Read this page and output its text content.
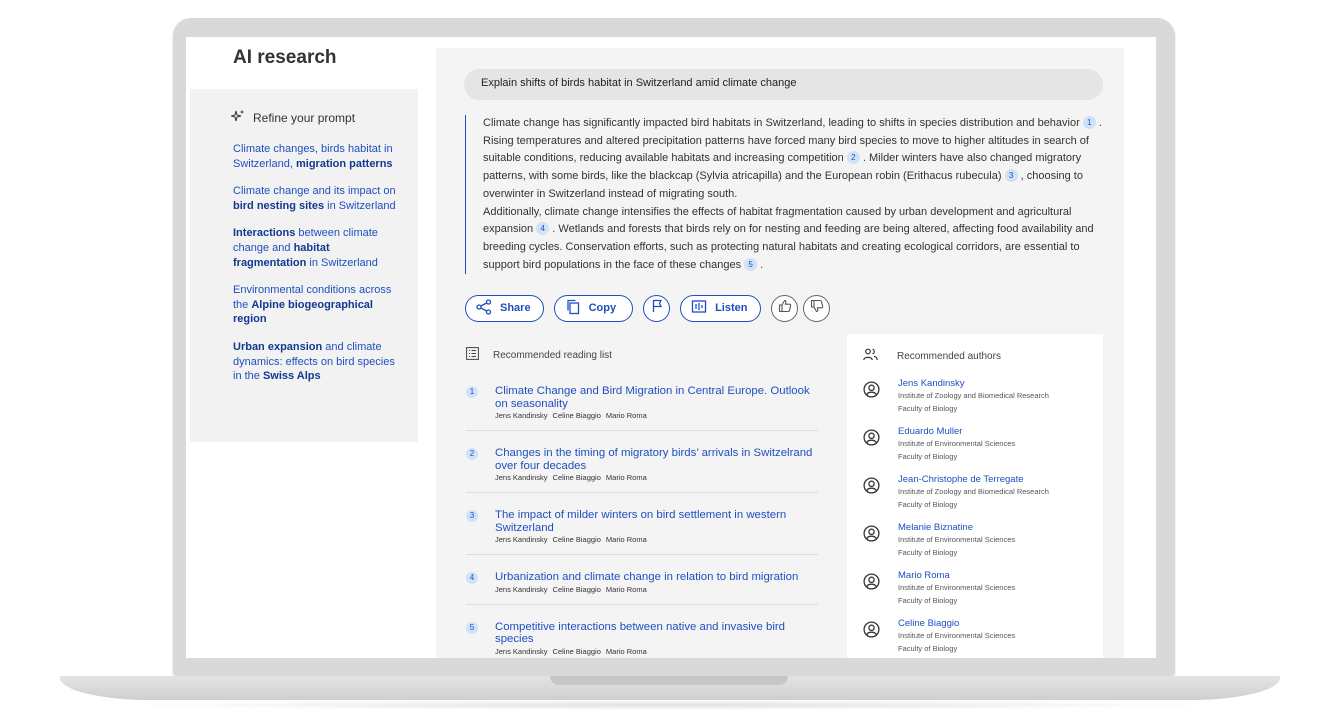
AI research
Refine your prompt
Climate changes, birds habitat in Switzerland, migration patterns
Climate change and its impact on bird nesting sites in Switzerland
Interactions between climate change and habitat fragmentation in Switzerland
Environmental conditions across the Alpine biogeographical region
Urban expansion and climate dynamics: effects on bird species in the Swiss Alps
Explain shifts of birds habitat in Switzerland amid climate change
Climate change has significantly impacted bird habitats in Switzerland, leading to shifts in species distribution and behavior 1 . Rising temperatures and altered precipitation patterns have forced many bird species to move to higher altitudes in search of suitable conditions, reducing available habitats and increasing competition 2 . Milder winters have also changed migratory patterns, with some birds, like the blackcap (Sylvia atricapilla) and the European robin (Erithacus rubecula) 3 , choosing to overwinter in Switzerland instead of migrating south.
Additionally, climate change intensifies the effects of habitat fragmentation caused by urban development and agricultural expansion 4 . Wetlands and forests that birds rely on for nesting and feeding are being altered, affecting food availability and breeding cycles. Conservation efforts, such as protecting natural habitats and creating ecological corridors, are essential to support bird populations in the face of these changes 5 .
Share	Copy	Listen
Recommended reading list
1	Climate Change and Bird Migration in Central Europe. Outlook on seasonality
Jens Kandinsky Celine Biaggio Mario Roma
2	Changes in the timing of migratory birds’ arrivals in Switzelrand over four decades
Jens Kandinsky Celine Biaggio Mario Roma
3	The impact of milder winters on bird settlement in western Switzerland
Jens Kandinsky Celine Biaggio Mario Roma
4	Urbanization and climate change in relation to bird migration
Jens Kandinsky Celine Biaggio Mario Roma
5	Competitive interactions between native and invasive bird species
Jens Kandinsky Celine Biaggio Mario Roma
Recommended authors
Jens Kandinsky
Institute of Zoology and Biomedical Research
Faculty of Biology
Eduardo Muller
Institute of Environmental Sciences
Faculty of Biology
Jean-Christophe de Terregate
Institute of Zoology and Biomedical Research
Faculty of Biology
Melanie Biznatine
Institute of Environmental Sciences
Faculty of Biology
Mario Roma
Institute of Environmental Sciences
Faculty of Biology
Celine Biaggio
Institute of Environmental Sciences
Faculty of Biology
